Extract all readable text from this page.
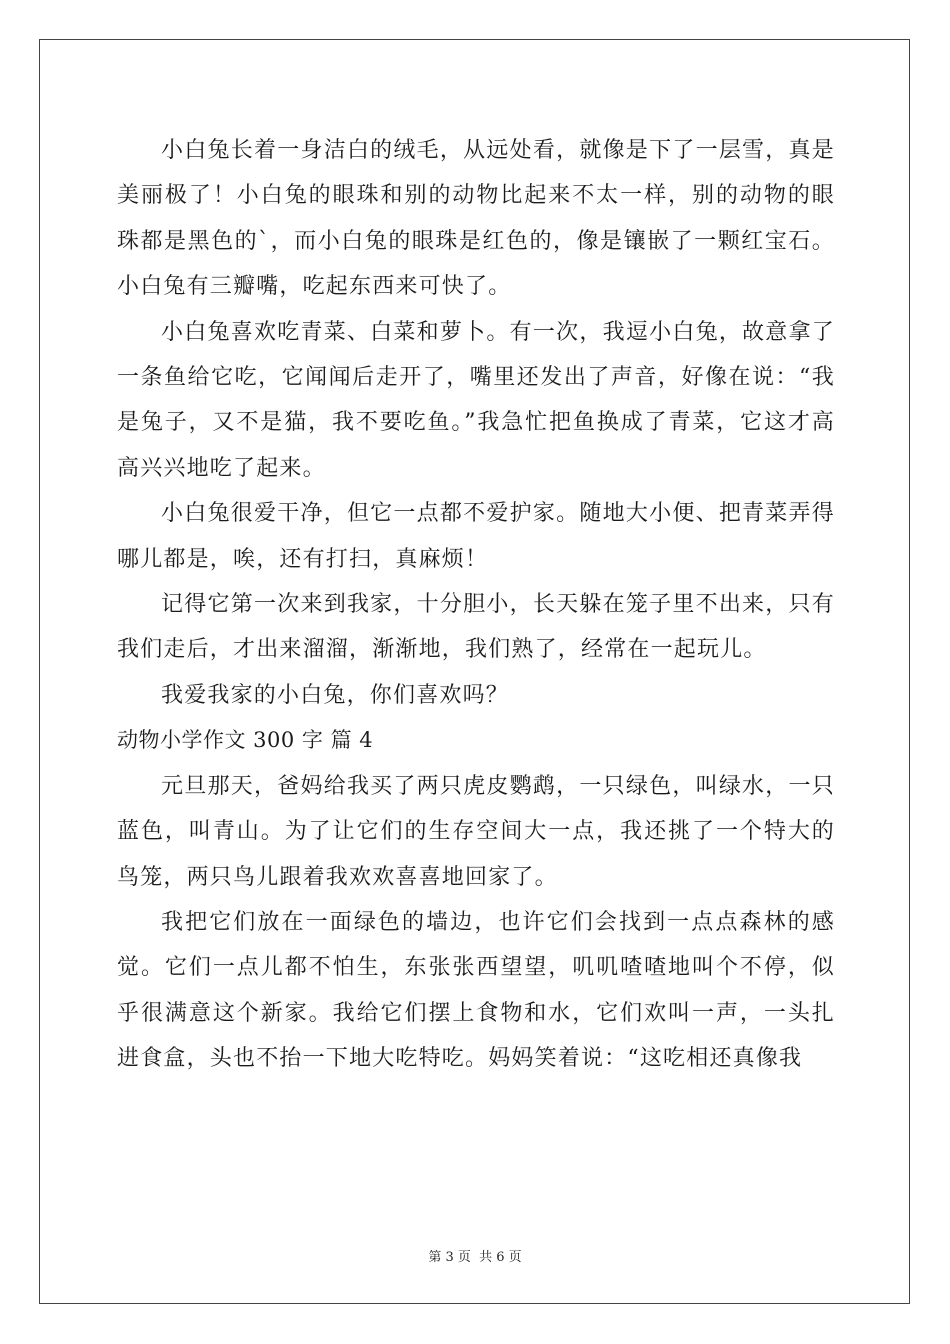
小白兔长着一身洁白的绒毛，从远处看，就像是下了一层雪，真是美丽极了！小白兔的眼珠和别的动物比起来不太一样，别的动物的眼珠都是黑色的`，而小白兔的眼珠是红色的，像是镶嵌了一颗红宝石。小白兔有三瓣嘴，吃起东西来可快了。

小白兔喜欢吃青菜、白菜和萝卜。有一次，我逗小白兔，故意拿了一条鱼给它吃，它闻闻后走开了，嘴里还发出了声音，好像在说：“我是兔子，又不是猫，我不要吃鱼。”我急忙把鱼换成了青菜，它这才高高兴兴地吃了起来。

小白兔很爱干净，但它一点都不爱护家。随地大小便、把青菜弄得哪儿都是，唉，还有打扫，真麻烦！

记得它第一次来到我家，十分胆小，长天躲在笼子里不出来，只有我们走后，才出来溜溜，渐渐地，我们熟了，经常在一起玩儿。

我爱我家的小白兔，你们喜欢吗？

动物小学作文 300 字 篇 4

元旦那天，爸妈给我买了两只虎皮鹦鹉，一只绿色，叫绿水，一只蓝色，叫青山。为了让它们的生存空间大一点，我还挑了一个特大的鸟笼，两只鸟儿跟着我欢欢喜喜地回家了。

我把它们放在一面绿色的墙边，也许它们会找到一点点森林的感觉。它们一点儿都不怕生，东张张西望望，叽叽喳喳地叫个不停，似乎很满意这个新家。我给它们摆上食物和水，它们欢叫一声，一头扎进食盒，头也不抬一下地大吃特吃。妈妈笑着说：“这吃相还真像我

第 3 页 共 6 页
